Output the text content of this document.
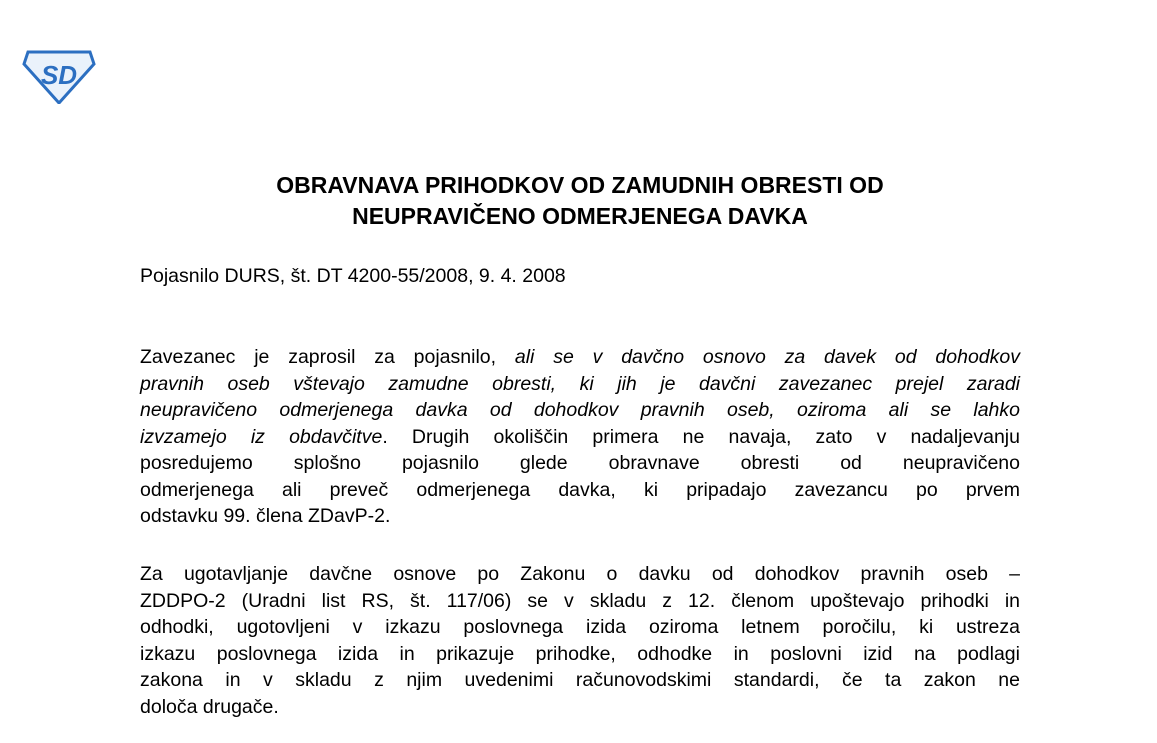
SD
OBRAVNAVA PRIHODKOV OD ZAMUDNIH OBRESTI OD
NEUPRAVIČENO ODMERJENEGA DAVKA
Pojasnilo DURS, št. DT 4200-55/2008, 9. 4. 2008
Zavezanec je zaprosil za pojasnilo, ali se v davčno osnovo za davek od dohodkov
pravnih oseb vštevajo zamudne obresti, ki jih je davčni zavezanec prejel zaradi
neupravičeno odmerjenega davka od dohodkov pravnih oseb, oziroma ali se lahko
izvzamejo iz obdavčitve. Drugih okoliščin primera ne navaja, zato v nadaljevanju
posredujemo splošno pojasnilo glede obravnave obresti od neupravičeno
odmerjenega ali preveč odmerjenega davka, ki pripadajo zavezancu po prvem
odstavku 99. člena ZDavP-2.
Za ugotavljanje davčne osnove po Zakonu o davku od dohodkov pravnih oseb –
ZDDPO-2 (Uradni list RS, št. 117/06) se v skladu z 12. členom upoštevajo prihodki in
odhodki, ugotovljeni v izkazu poslovnega izida oziroma letnem poročilu, ki ustreza
izkazu poslovnega izida in prikazuje prihodke, odhodke in poslovni izid na podlagi
zakona in v skladu z njim uvedenimi računovodskimi standardi, če ta zakon ne
določa drugače.
